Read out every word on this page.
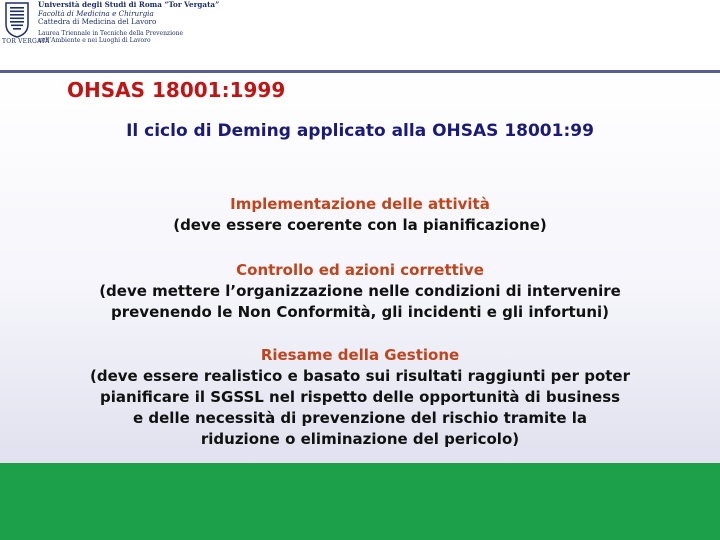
TOR VERGATA
Università degli Studi di Roma “Tor Vergata”
Facoltà di Medicina e Chirurgia
Cattedra di Medicina del Lavoro
Laurea Triennale in Tecniche della Prevenzione
nell’Ambiente e nei Luoghi di Lavoro
OHSAS 18001:1999
Il ciclo di Deming applicato alla OHSAS 18001:99
Implementazione delle attività
(deve essere coerente con la pianificazione)
Controllo ed azioni correttive
(deve mettere l’organizzazione nelle condizioni di intervenire
prevenendo le Non Conformità, gli incidenti e gli infortuni)
Riesame della Gestione
(deve essere realistico e basato sui risultati raggiunti per poter
pianificare il SGSSL nel rispetto delle opportunità di business
e delle necessità di prevenzione del rischio tramite la
riduzione o eliminazione del pericolo)
